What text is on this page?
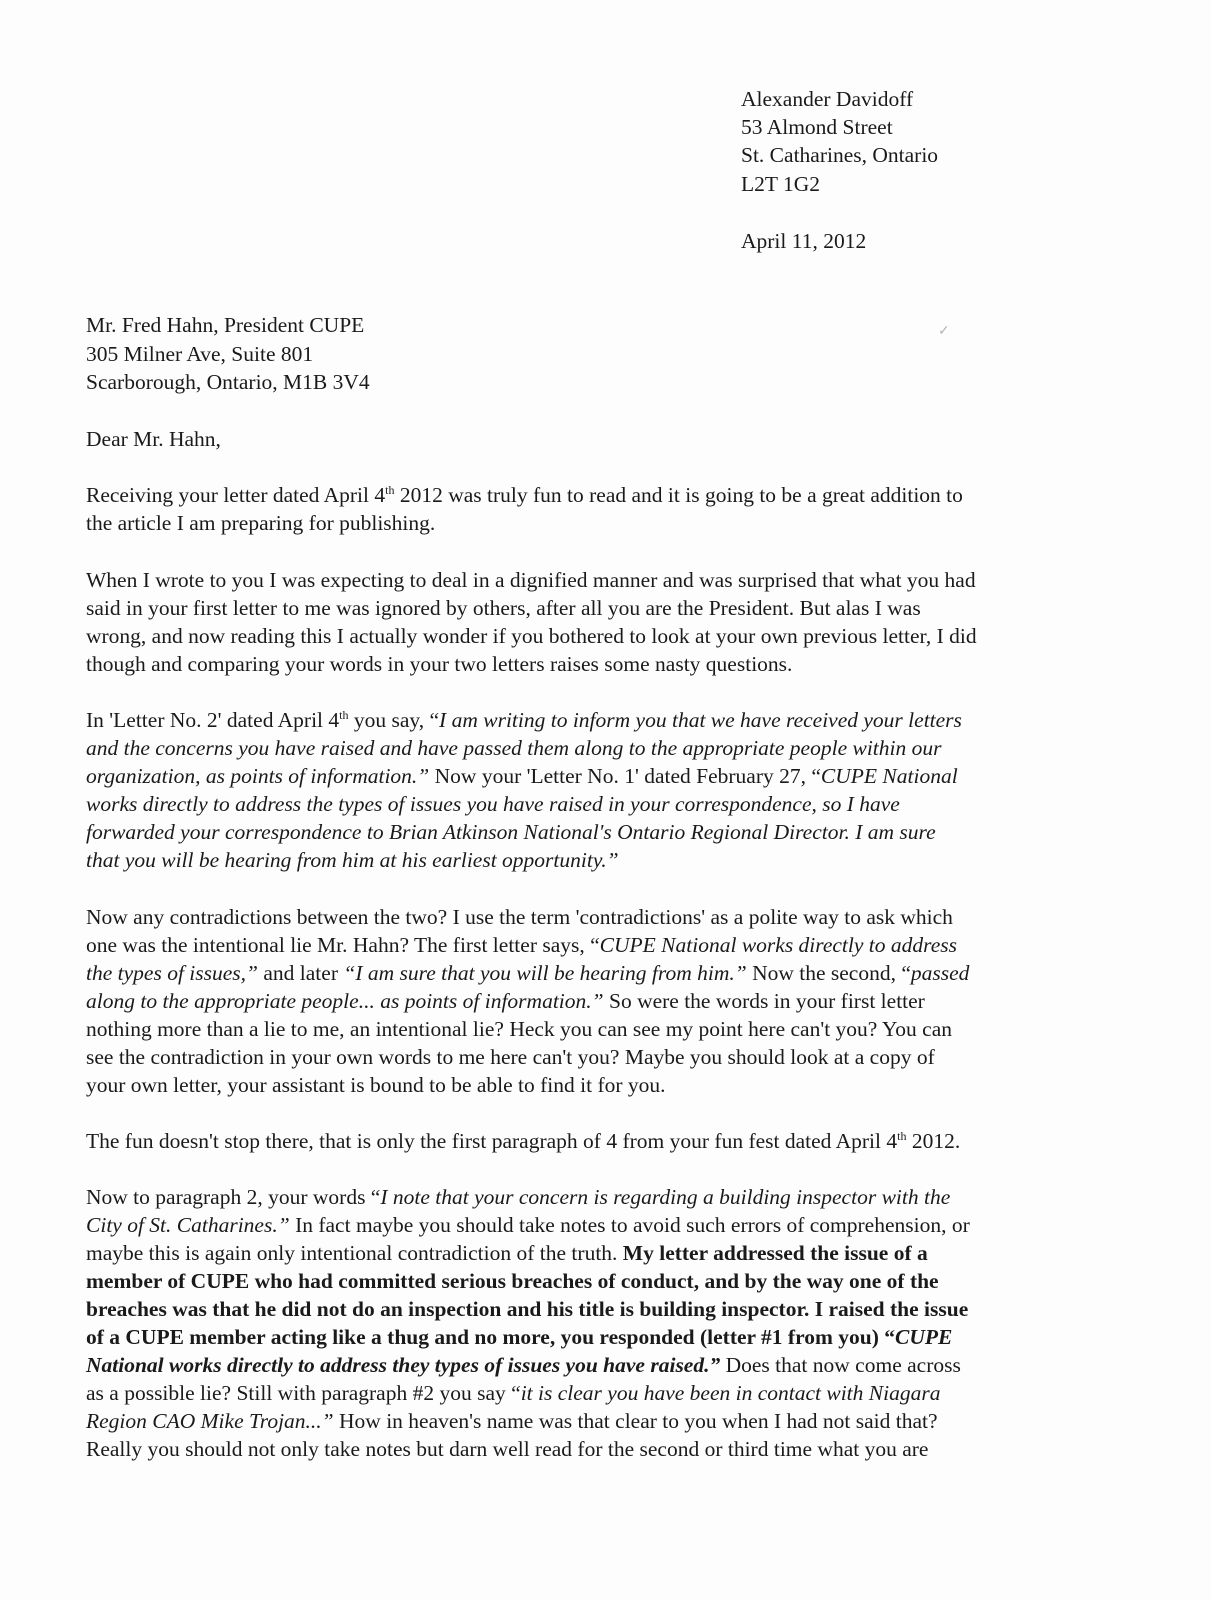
Alexander Davidoff
53 Almond Street
St. Catharines, Ontario
L2T 1G2
April 11, 2012
✓
Mr. Fred Hahn, President CUPE
305 Milner Ave, Suite 801
Scarborough, Ontario, M1B 3V4
Dear Mr. Hahn,
Receiving your letter dated April 4th 2012 was truly fun to read and it is going to be a great addition to
the article I am preparing for publishing.
When I wrote to you I was expecting to deal in a dignified manner and was surprised that what you had
said in your first letter to me was ignored by others, after all you are the President. But alas I was
wrong, and now reading this I actually wonder if you bothered to look at your own previous letter, I did
though and comparing your words in your two letters raises some nasty questions.
In 'Letter No. 2' dated April 4th you say, “I am writing to inform you that we have received your letters
and the concerns you have raised and have passed them along to the appropriate people within our
organization, as points of information.” Now your 'Letter No. 1' dated February 27, “CUPE National
works directly to address the types of issues you have raised in your correspondence, so I have
forwarded your correspondence to Brian Atkinson National's Ontario Regional Director. I am sure
that you will be hearing from him at his earliest opportunity.”
Now any contradictions between the two? I use the term 'contradictions' as a polite way to ask which
one was the intentional lie Mr. Hahn? The first letter says, “CUPE National works directly to address
the types of issues,” and later “I am sure that you will be hearing from him.” Now the second, “passed
along to the appropriate people... as points of information.” So were the words in your first letter
nothing more than a lie to me, an intentional lie? Heck you can see my point here can't you? You can
see the contradiction in your own words to me here can't you? Maybe you should look at a copy of
your own letter, your assistant is bound to be able to find it for you.
The fun doesn't stop there, that is only the first paragraph of 4 from your fun fest dated April 4th 2012.
Now to paragraph 2, your words “I note that your concern is regarding a building inspector with the
City of St. Catharines.” In fact maybe you should take notes to avoid such errors of comprehension, or
maybe this is again only intentional contradiction of the truth. My letter addressed the issue of a
member of CUPE who had committed serious breaches of conduct, and by the way one of the
breaches was that he did not do an inspection and his title is building inspector. I raised the issue
of a CUPE member acting like a thug and no more, you responded (letter #1 from you) “CUPE
National works directly to address they types of issues you have raised.” Does that now come across
as a possible lie? Still with paragraph #2 you say “it is clear you have been in contact with Niagara
Region CAO Mike Trojan...” How in heaven's name was that clear to you when I had not said that?
Really you should not only take notes but darn well read for the second or third time what you are
